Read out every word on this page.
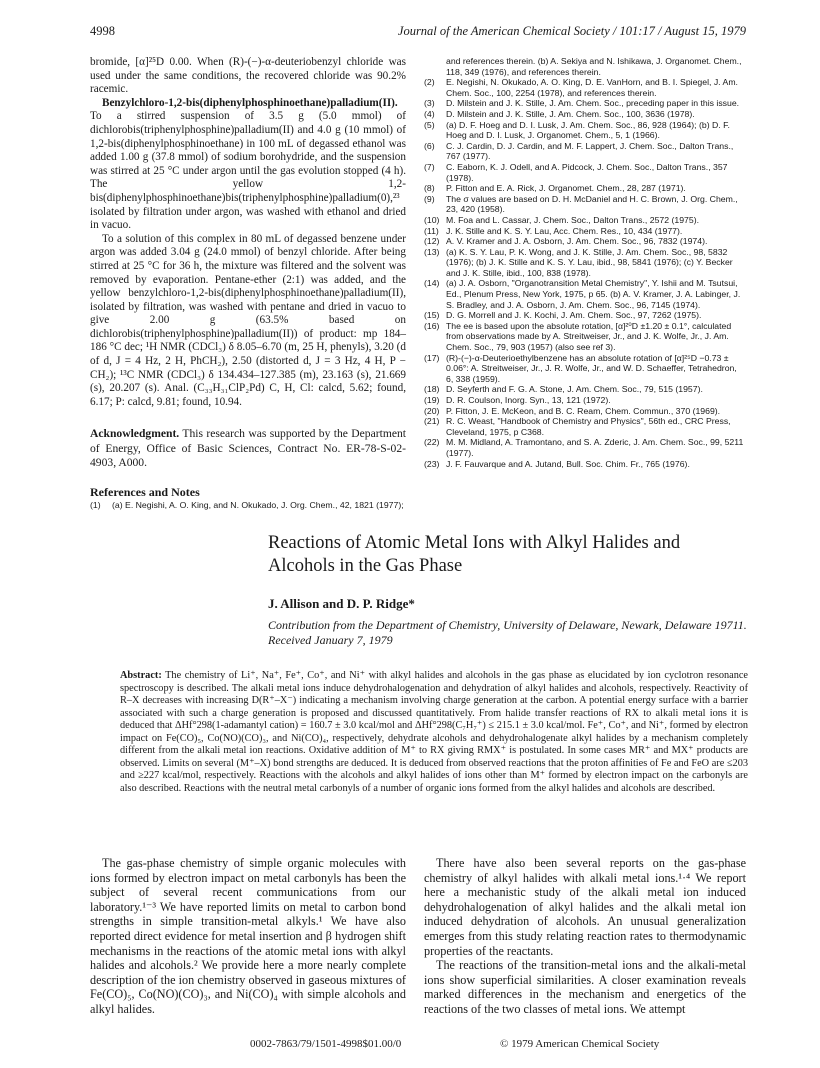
4998	Journal of the American Chemical Society / 101:17 / August 15, 1979

bromide, [α]²⁵D 0.00. When (R)-(−)-α-deuteriobenzyl chloride was used under the same conditions, the recovered chloride was 90.2% racemic.

Benzylchloro-1,2-bis(diphenylphosphinoethane)palladium(II). To a stirred suspension of 3.5 g (5.0 mmol) of dichlorobis(triphenylphosphine)palladium(II) and 4.0 g (10 mmol) of 1,2-bis(diphenylphosphinoethane) in 100 mL of degassed ethanol was added 1.00 g (37.8 mmol) of sodium borohydride, and the suspension was stirred at 25 °C under argon until the gas evolution stopped (4 h). The yellow 1,2-bis(diphenylphosphinoethane)bis(triphenylphosphine)palladium(0),²³ isolated by filtration under argon, was washed with ethanol and dried in vacuo.

To a solution of this complex in 80 mL of degassed benzene under argon was added 3.04 g (24.0 mmol) of benzyl chloride. After being stirred at 25 °C for 36 h, the mixture was filtered and the solvent was removed by evaporation. Pentane-ether (2:1) was added, and the yellow benzylchloro-1,2-bis(diphenylphosphinoethane)palladium(II), isolated by filtration, was washed with pentane and dried in vacuo to give 2.00 g (63.5% based on dichlorobis(triphenylphosphine)palladium(II)) of product: mp 184–186 °C dec; ¹H NMR (CDCl₃) δ 8.05–6.70 (m, 25 H, phenyls), 3.20 (d of d, J = 4 Hz, 2 H, PhCH₂), 2.50 (distorted d, J = 3 Hz, 4 H, P − CH₂); ¹³C NMR (CDCl₃) δ 134.434–127.385 (m), 23.163 (s), 21.669 (s), 20.207 (s). Anal. (C₃₃H₃₁ClP₂Pd) C, H, Cl: calcd, 5.62; found, 6.17; P: calcd, 9.81; found, 10.94.

Acknowledgment. This research was supported by the Department of Energy, Office of Basic Sciences, Contract No. ER-78-S-02-4903, A000.

References and Notes

(1) (a) E. Negishi, A. O. King, and N. Okukado, J. Org. Chem., 42, 1821 (1977);

and references therein. (b) A. Sekiya and N. Ishikawa, J. Organomet. Chem., 118, 349 (1976), and references therein.

(2) E. Negishi, N. Okukado, A. O. King, D. E. VanHorn, and B. I. Spiegel, J. Am. Chem. Soc., 100, 2254 (1978), and references therein.

(3) D. Milstein and J. K. Stille, J. Am. Chem. Soc., preceding paper in this issue.

(4) D. Milstein and J. K. Stille, J. Am. Chem. Soc., 100, 3636 (1978).

(5) (a) D. F. Hoeg and D. I. Lusk, J. Am. Chem. Soc., 86, 928 (1964); (b) D. F. Hoeg and D. I. Lusk, J. Organomet. Chem., 5, 1 (1966).

(6) C. J. Cardin, D. J. Cardin, and M. F. Lappert, J. Chem. Soc., Dalton Trans., 767 (1977).

(7) C. Eaborn, K. J. Odell, and A. Pidcock, J. Chem. Soc., Dalton Trans., 357 (1978).

(8) P. Fitton and E. A. Rick, J. Organomet. Chem., 28, 287 (1971).

(9) The σ values are based on D. H. McDaniel and H. C. Brown, J. Org. Chem., 23, 420 (1958).

(10) M. Foa and L. Cassar, J. Chem. Soc., Dalton Trans., 2572 (1975).

(11) J. K. Stille and K. S. Y. Lau, Acc. Chem. Res., 10, 434 (1977).

(12) A. V. Kramer and J. A. Osborn, J. Am. Chem. Soc., 96, 7832 (1974).

(13) (a) K. S. Y. Lau, P. K. Wong, and J. K. Stille, J. Am. Chem. Soc., 98, 5832 (1976); (b) J. K. Stille and K. S. Y. Lau, ibid., 98, 5841 (1976); (c) Y. Becker and J. K. Stille, ibid., 100, 838 (1978).

(14) (a) J. A. Osborn, "Organotransition Metal Chemistry", Y. Ishii and M. Tsutsui, Ed., Plenum Press, New York, 1975, p 65. (b) A. V. Kramer, J. A. Labinger, J. S. Bradley, and J. A. Osborn, J. Am. Chem. Soc., 96, 7145 (1974).

(15) D. G. Morrell and J. K. Kochi, J. Am. Chem. Soc., 97, 7262 (1975).

(16) The ee is based upon the absolute rotation, [α]²⁰D ±1.20 ± 0.1°, calculated from observations made by A. Streitweiser, Jr., and J. K. Wolfe, Jr., J. Am. Chem. Soc., 79, 903 (1957) (also see ref 3).

(17) (R)-(−)-α-Deuterioethylbenzene has an absolute rotation of [α]²⁵D −0.73 ± 0.06°: A. Streitweiser, Jr., J. R. Wolfe, Jr., and W. D. Schaeffer, Tetrahedron, 6, 338 (1959).

(18) D. Seyferth and F. G. A. Stone, J. Am. Chem. Soc., 79, 515 (1957).

(19) D. R. Coulson, Inorg. Syn., 13, 121 (1972).

(20) P. Fitton, J. E. McKeon, and B. C. Ream, Chem. Commun., 370 (1969).

(21) R. C. Weast, "Handbook of Chemistry and Physics", 56th ed., CRC Press, Cleveland, 1975, p C368.

(22) M. M. Midland, A. Tramontano, and S. A. Zderic, J. Am. Chem. Soc., 99, 5211 (1977).

(23) J. F. Fauvarque and A. Jutand, Bull. Soc. Chim. Fr., 765 (1976).

Reactions of Atomic Metal Ions with Alkyl Halides and Alcohols in the Gas Phase
J. Allison and D. P. Ridge*
Contribution from the Department of Chemistry, University of Delaware, Newark, Delaware 19711. Received January 7, 1979

Abstract: The chemistry of Li⁺, Na⁺, Fe⁺, Co⁺, and Ni⁺ with alkyl halides and alcohols in the gas phase as elucidated by ion cyclotron resonance spectroscopy is described. The alkali metal ions induce dehydrohalogenation and dehydration of alkyl halides and alcohols, respectively. Reactivity of R–X decreases with increasing D(R⁺–X⁻) indicating a mechanism involving charge generation at the carbon. A potential energy surface with a barrier associated with such a charge generation is proposed and discussed quantitatively. From halide transfer reactions of RX to alkali metal ions it is deduced that ΔHf°298(1-adamantyl cation) = 160.7 ± 3.0 kcal/mol and ΔHf°298(C₇H₇⁺) ≤ 215.1 ± 3.0 kcal/mol. Fe⁺, Co⁺, and Ni⁺, formed by electron impact on Fe(CO)₅, Co(NO)(CO)₃, and Ni(CO)₄, respectively, dehydrate alcohols and dehydrohalogenate alkyl halides by a mechanism completely different from the alkali metal ion reactions. Oxidative addition of M⁺ to RX giving RMX⁺ is postulated. In some cases MR⁺ and MX⁺ products are observed. Limits on several (M⁺–X) bond strengths are deduced. It is deduced from observed reactions that the proton affinities of Fe and FeO are ≤203 and ≥227 kcal/mol, respectively. Reactions with the alcohols and alkyl halides of ions other than M⁺ formed by electron impact on the carbonyls are also described. Reactions with the neutral metal carbonyls of a number of organic ions formed from the alkyl halides and alcohols are described.

The gas-phase chemistry of simple organic molecules with ions formed by electron impact on metal carbonyls has been the subject of several recent communications from our laboratory.¹⁻³ We have reported limits on metal to carbon bond strengths in simple transition-metal alkyls.¹ We have also reported direct evidence for metal insertion and β hydrogen shift mechanisms in the reactions of the atomic metal ions with alkyl halides and alcohols.² We provide here a more nearly complete description of the ion chemistry observed in gaseous mixtures of Fe(CO)₅, Co(NO)(CO)₃, and Ni(CO)₄ with simple alcohols and alkyl halides.

There have also been several reports on the gas-phase chemistry of alkyl halides with alkali metal ions.¹·⁴ We report here a mechanistic study of the alkali metal ion induced dehydrohalogenation of alkyl halides and the alkali metal ion induced dehydration of alcohols. An unusual generalization emerges from this study relating reaction rates to thermodynamic properties of the reactants.

The reactions of the transition-metal ions and the alkali-metal ions show superficial similarities. A closer examination reveals marked differences in the mechanism and energetics of the reactions of the two classes of metal ions. We attempt

0002-7863/79/1501-4998$01.00/0	© 1979 American Chemical Society
